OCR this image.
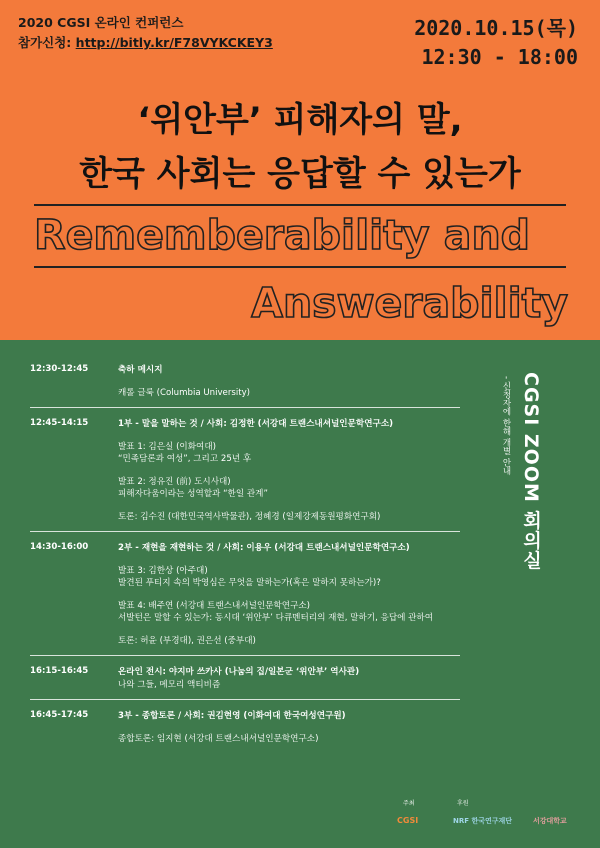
2020 CGSI 온라인 컨퍼런스
참가신청: http://bitly.kr/F78VYKCKEY3
2020.10.15(목)
12:30 - 18:00
‘위안부’ 피해자의 말,
한국 사회는 응답할 수 있는가
Rememberability and
Answerability
12:30-12:45	축하 메시지
캐롤 글룩 (Columbia University)
12:45-14:15	1부 - 말을 말하는 것 / 사회: 김정한 (서강대 트랜스내셔널인문학연구소)
발표 1: 김은실 (이화여대)
“민족담론과 여성”, 그리고 25년 후
발표 2: 정유진 (前) 도시사대)
피해자다움이라는 성역할과 “한일 관계”
토론: 김수진 (대한민국역사박물관), 정혜경 (일제강제동원평화연구회)
14:30-16:00	2부 - 재현을 재현하는 것 / 사회: 이용우 (서강대 트랜스내셔널인문학연구소)
발표 3: 김한상 (아주대)
발견된 푸티지 속의 박영심은 무엇을 말하는가(혹은 말하지 못하는가)?
발표 4: 배주연 (서강대 트랜스내셔널인문학연구소)
서발턴은 말할 수 있는가: 동시대 ‘위안부’ 다큐멘터리의 재현, 말하기, 응답에 관하여
토론: 허윤 (부경대), 권은선 (중부대)
16:15-16:45	온라인 전시: 야지마 쓰카사 (나눔의 집/일본군 ‘위안부’ 역사관)
나와 그들, 메모리 액티비즘
16:45-17:45	3부 - 종합토론 / 사회: 권김현영 (이화여대 한국여성연구원)
종합토론: 임지현 (서강대 트랜스내셔널인문학연구소)
CGSI ZOOM 회의실
- 신청자에 한해 개별 안내
주최	후원
CGSI	NRF 한국연구재단	서강대학교
